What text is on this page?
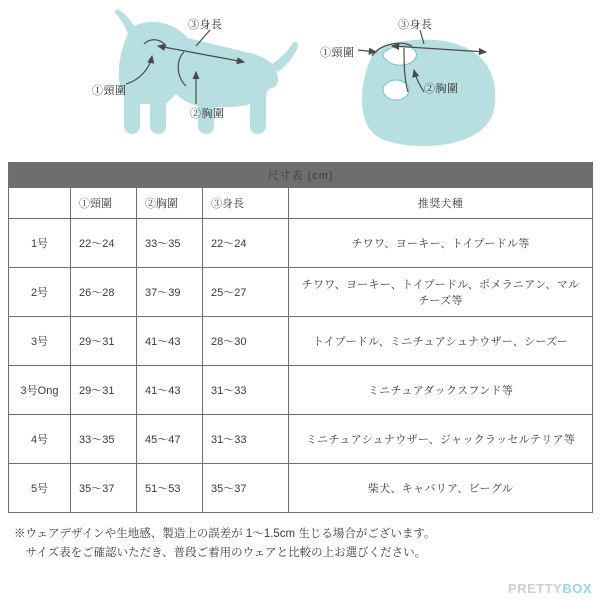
①頸圍
②胸圍
③身長
①頸圍
②胸圍
③身長
尺寸表 (cm)				
	①頸圍	②胸圍	③身長	推奨犬種
1号	22～24	33～35	22～24	チワワ、ヨーキー、トイプードル等
2号	26～28	37～39	25～27	チワワ、ヨーキー、トイプードル、ポメラニアン、マルチーズ等
3号	29～31	41～43	28～30	トイプードル、ミニチュアシュナウザー、シーズー
3号Ong	29～31	41～43	31～33	ミニチュアダックスフンド等
4号	33～35	45～47	31～33	ミニチュアシュナウザー、ジャックラッセルテリア等
5号	35～37	51～53	35～37	柴犬、キャバリア、ビーグル
※ウェアデザインや生地感、製造上の誤差が 1～1.5cm 生じる場合がございます。
　サイズ表をご確認いただき、普段ご着用のウェアと比較の上お選びください。
PRETTYBOX
